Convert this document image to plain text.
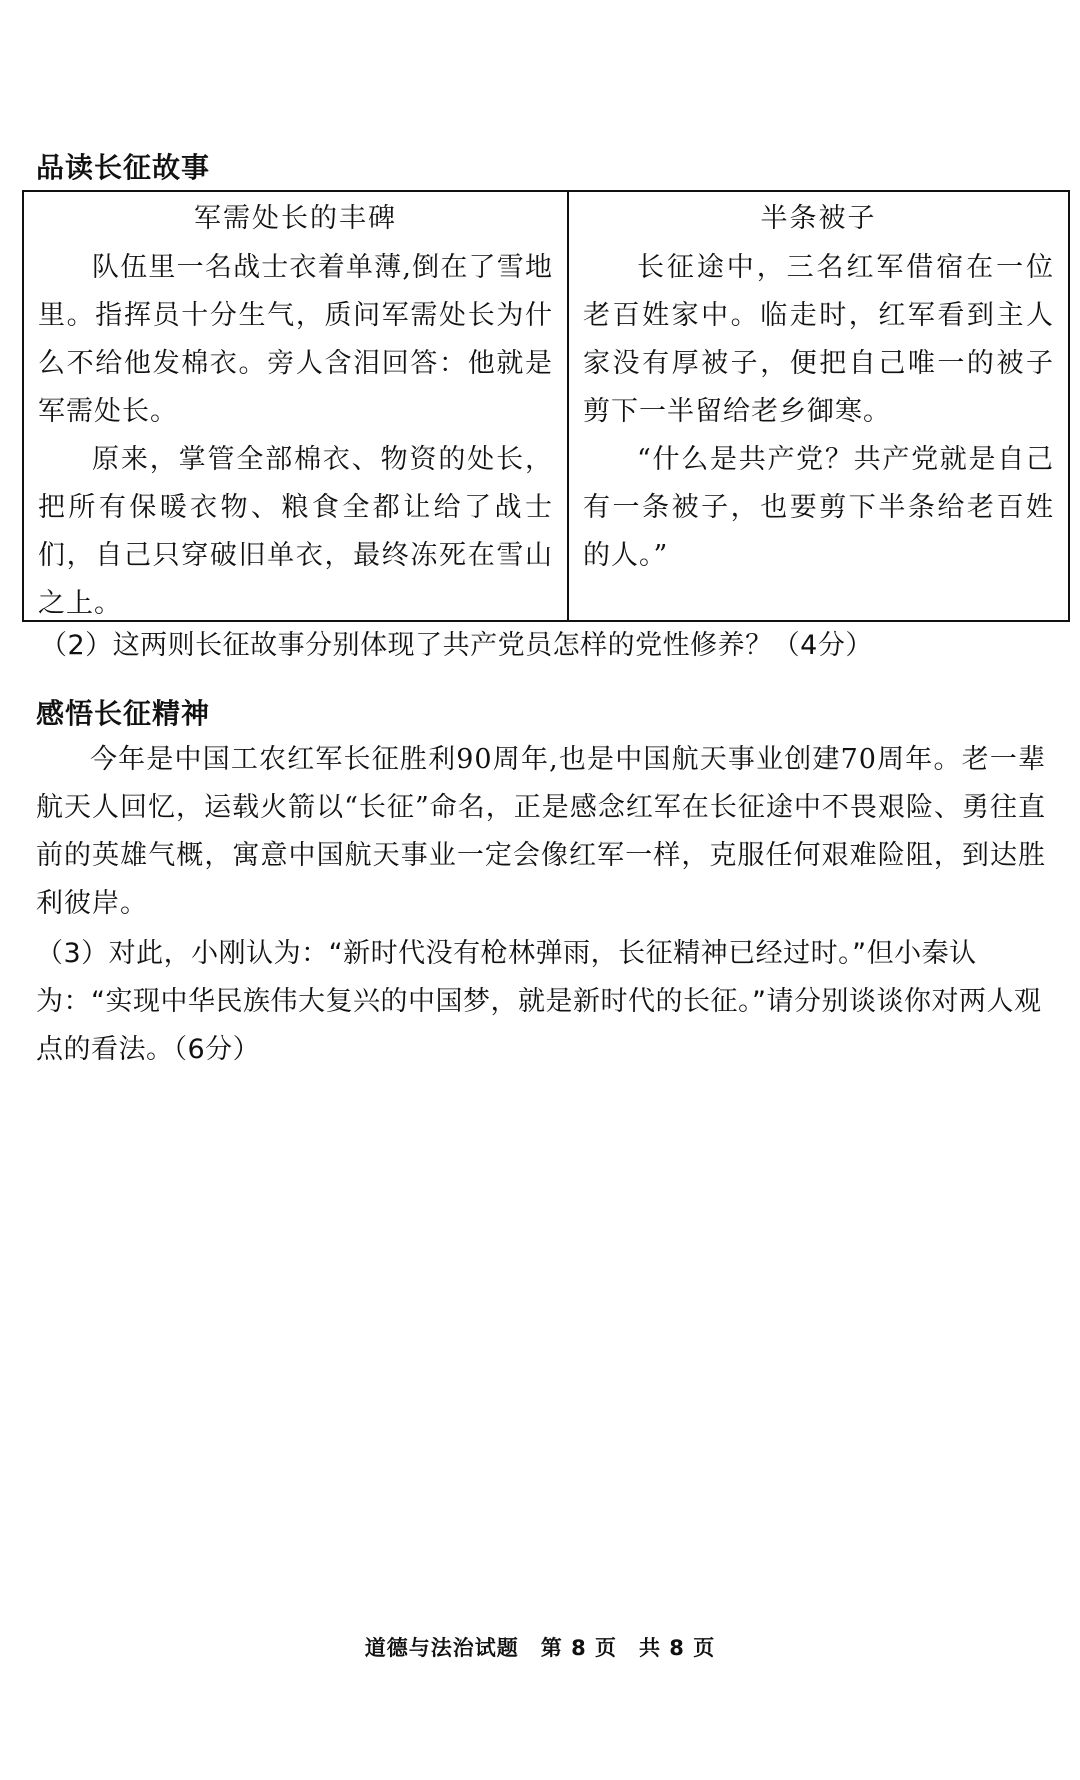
品读长征故事
军需处长的丰碑

队伍里一名战士衣着单薄,倒在了雪地里。指挥员十分生气，质问军需处长为什么不给他发棉衣。旁人含泪回答：他就是军需处长。

原来，掌管全部棉衣、物资的处长，把所有保暖衣物、粮食全都让给了战士们，自己只穿破旧单衣，最终冻死在雪山之上。

半条被子

长征途中，三名红军借宿在一位老百姓家中。临走时，红军看到主人家没有厚被子，便把自己唯一的被子剪下一半留给老乡御寒。

“什么是共产党？共产党就是自己有一条被子，也要剪下半条给老百姓的人。”

（2）这两则长征故事分别体现了共产党员怎样的党性修养？（4分）
感悟长征精神
今年是中国工农红军长征胜利90周年,也是中国航天事业创建70周年。老一辈航天人回忆，运载火箭以“长征”命名，正是感念红军在长征途中不畏艰险、勇往直前的英雄气概，寓意中国航天事业一定会像红军一样，克服任何艰难险阻，到达胜利彼岸。
（3）对此，小刚认为：“新时代没有枪林弹雨，长征精神已经过时。”但小秦认为：“实现中华民族伟大复兴的中国梦，就是新时代的长征。”请分别谈谈你对两人观点的看法。（6分）
道德与法治试题　第 8 页　共 8 页
